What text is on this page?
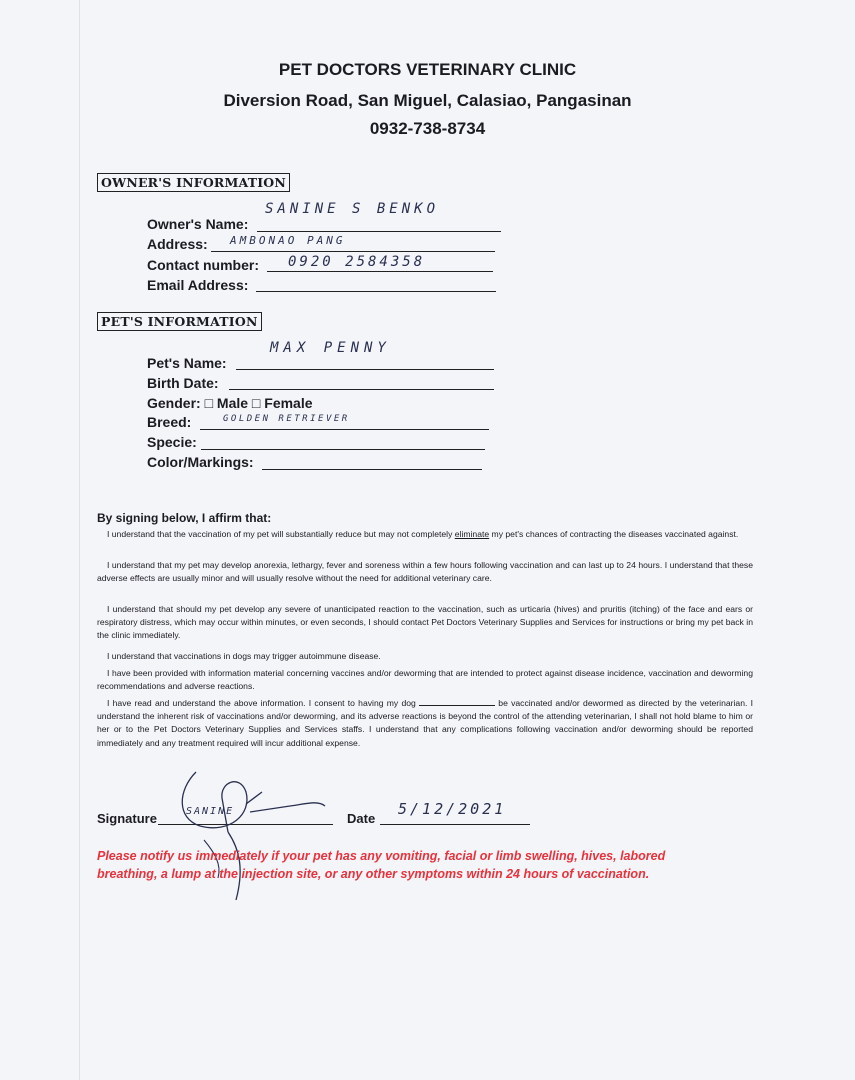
PET DOCTORS VETERINARY CLINIC
Diversion Road, San Miguel, Calasiao, Pangasinan
0932-738-8734
OWNER'S INFORMATION
Owner's Name:
SANINE S BENKO
Address: AMBONAO PANG
Contact number: 0920 2584358
Email Address:
PET'S INFORMATION
Pet's Name:
MAX PENNY
Birth Date:
Gender: □ Male □ Female
Breed:	GOLDEN RETRIEVER
Specie:
Color/Markings:
By signing below, I affirm that:

I understand that the vaccination of my pet will substantially reduce but may not completely eliminate my pet's chances of contracting the diseases vaccinated against.

I understand that my pet may develop anorexia, lethargy, fever and soreness within a few hours following vaccination and can last up to 24 hours. I understand that these adverse effects are usually minor and will usually resolve without the need for additional veterinary care.

I understand that should my pet develop any severe of unanticipated reaction to the vaccination, such as urticaria (hives) and pruritis (itching) of the face and ears or respiratory distress, which may occur within minutes, or even seconds, I should contact Pet Doctors Veterinary Supplies and Services for instructions or bring my pet back in the clinic immediately.

I understand that vaccinations in dogs may trigger autoimmune disease.

I have been provided with information material concerning vaccines and/or deworming that are intended to protect against disease incidence, vaccination and deworming recommendations and adverse reactions.

I have read and understand the above information. I consent to having my dog	be vaccinated and/or dewormed as directed by the veterinarian. I understand the inherent risk of vaccinations and/or deworming, and its adverse reactions is beyond the control of the attending veterinarian, I shall not hold blame to him or her or to the Pet Doctors Veterinary Supplies and Services staffs. I understand that any complications following vaccination and/or deworming should be reported immediately and any treatment required will incur additional expense.

Signature	SANINE	Date
5/12/2021
Please notify us immediately if your pet has any vomiting, facial or limb swelling, hives, labored breathing, a lump at the injection site, or any other symptoms within 24 hours of vaccination.
